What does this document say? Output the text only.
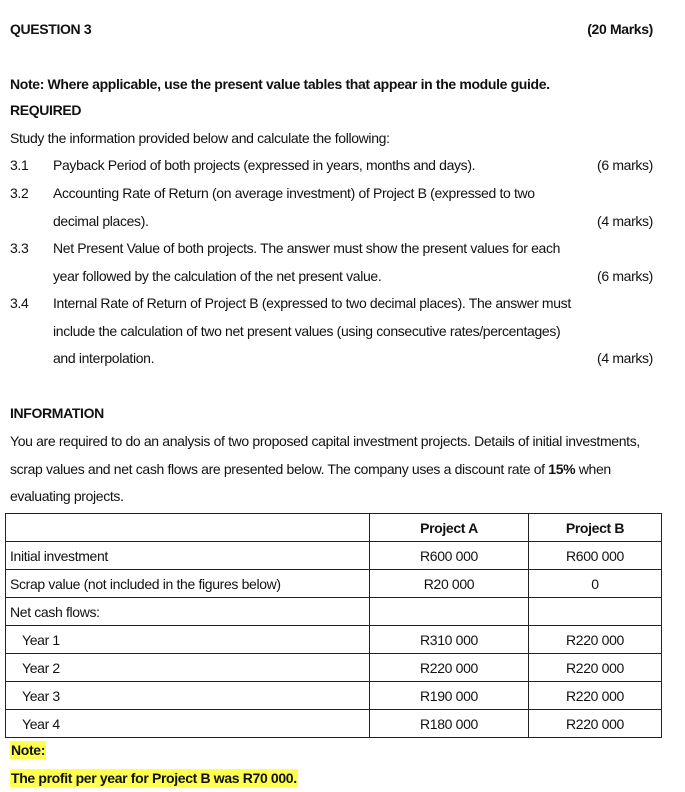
QUESTION 3	(20 Marks)
Note: Where applicable, use the present value tables that appear in the module guide.
REQUIRED
Study the information provided below and calculate the following:
3.1 Payback Period of both projects (expressed in years, months and days).	(6 marks)
3.2 Accounting Rate of Return (on average investment) of Project B (expressed to two
decimal places).	(4 marks)
3.3 Net Present Value of both projects. The answer must show the present values for each
year followed by the calculation of the net present value.	(6 marks)
3.4 Internal Rate of Return of Project B (expressed to two decimal places). The answer must
include the calculation of two net present values (using consecutive rates/percentages)
and interpolation.	(4 marks)
INFORMATION
You are required to do an analysis of two proposed capital investment projects. Details of initial investments,
scrap values and net cash flows are presented below. The company uses a discount rate of 15% when
evaluating projects.
	Project A	Project B
Initial investment	R600 000	R600 000
Scrap value (not included in the figures below)	R20 000	0
Net cash flows:		
Year 1	R310 000	R220 000
Year 2	R220 000	R220 000
Year 3	R190 000	R220 000
Year 4	R180 000	R220 000
Note:
The profit per year for Project B was R70 000.
